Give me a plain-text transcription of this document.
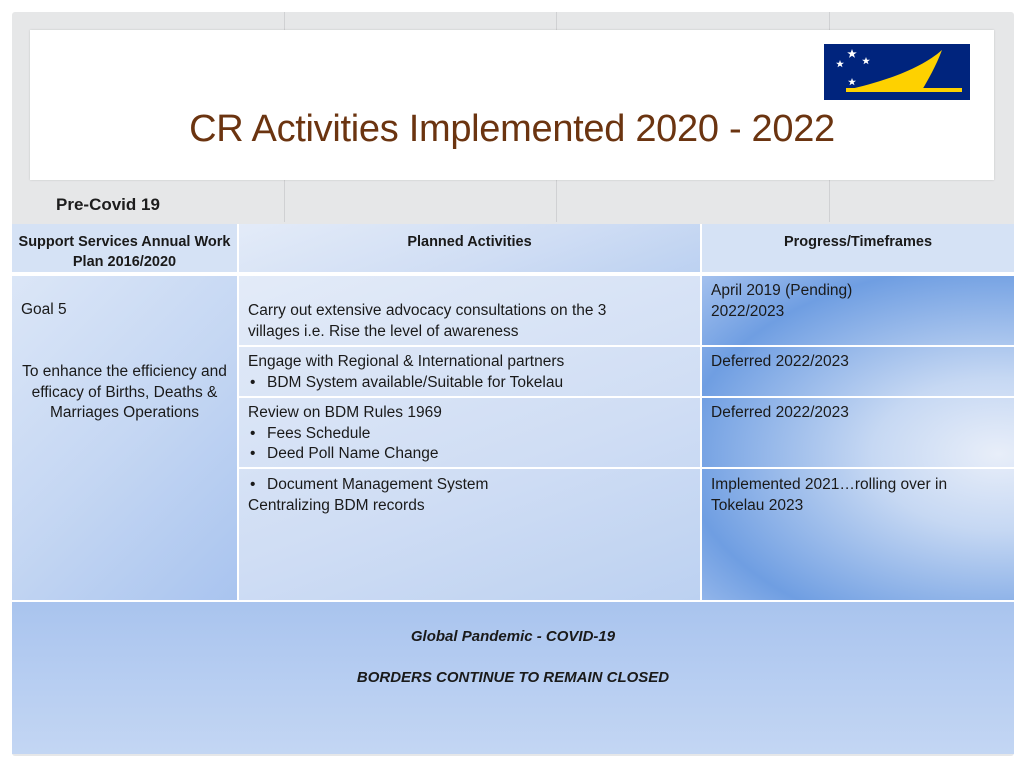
CR Activities Implemented 2020 - 2022
Pre-Covid 19
Support Services Annual Work Plan 2016/2020
Planned Activities	Progress/Timeframes
Goal 5
To enhance the efficiency and efficacy of Births, Deaths & Marriages Operations
Carry out extensive advocacy consultations on the 3
villages i.e. Rise the level of awareness
April 2019 (Pending)
2022/2023
Engage with Regional & International partners
• BDM System available/Suitable for Tokelau
Deferred 2022/2023
Review on BDM Rules 1969
• Fees Schedule
• Deed Poll Name Change
Deferred 2022/2023
• Document Management System
Centralizing BDM records
Implemented 2021…rolling over in
Tokelau 2023
Global Pandemic - COVID-19
BORDERS CONTINUE TO REMAIN CLOSED
